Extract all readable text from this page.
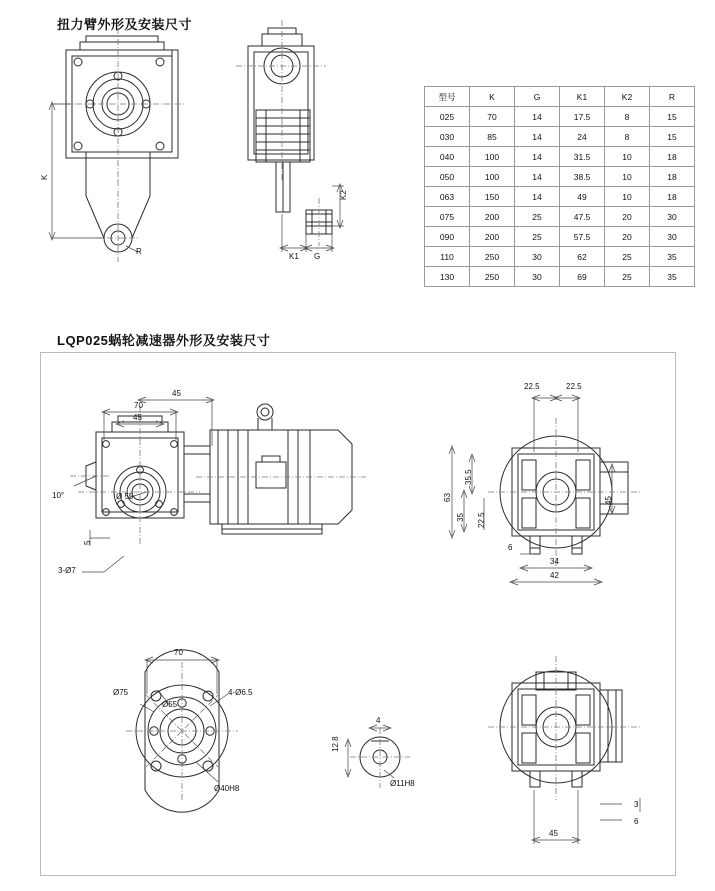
扭力臂外形及安装尺寸
LQP025蜗轮减速器外形及安装尺寸
K
R
K2
K1 G
型号	K	G	K1	K2	R
025	70	14	17.5	8	15
030	85	14	24	8	15
040	100	14	31.5	10	18
050	100	14	38.5	10	18
063	150	14	49	10	18
075	200	25	47.5	20	30
090	200	25	57.5	20	30
110	250	30	62	25	35
130	250	30	69	25	35
45
70
45
10°	Ø 55
5
3-Ø7
22.5	22.5
63
35.5
35 22.5
45
6
34
42
70
Ø55
Ø75	4-Ø6.5
Ø40H8
4
12.8
Ø11H8
3
6
45
